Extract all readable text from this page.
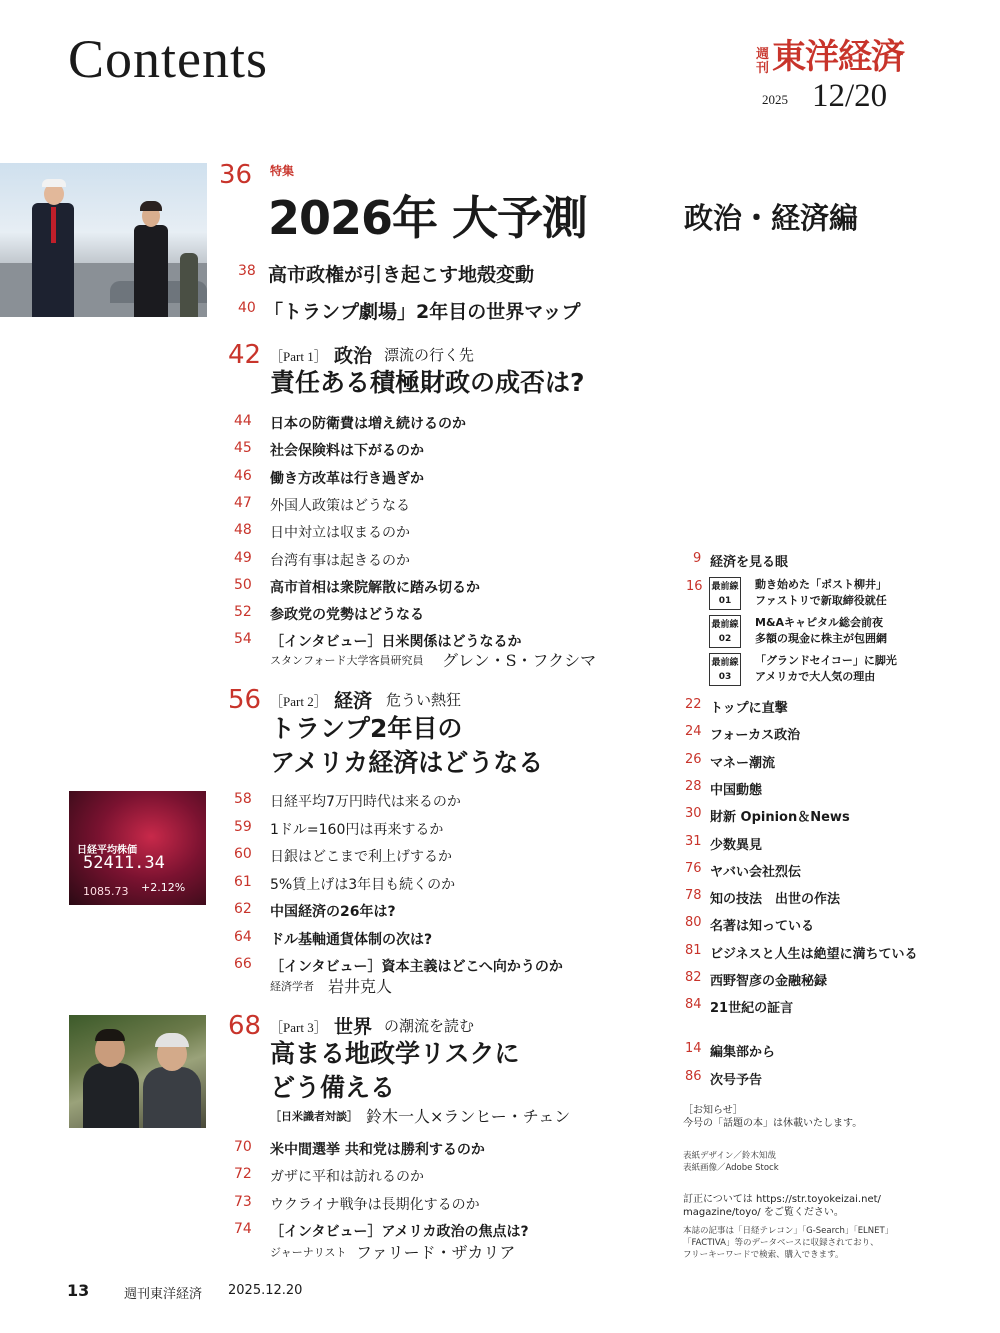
Contents	週刊 東洋経済
2025 12/20
36 特集
2026年 大予測	政治・経済編
38 高市政権が引き起こす地殻変動
40 「トランプ劇場」2年目の世界マップ
42 ［Part 1］ 政治 漂流の行く先
責任ある積極財政の成否は?
44 日本の防衛費は増え続けるのか
45 社会保険料は下がるのか
46 働き方改革は行き過ぎか
47 外国人政策はどうなる
48 日中対立は収まるのか
49 台湾有事は起きるのか
50 高市首相は衆院解散に踏み切るか
52 参政党の党勢はどうなる
54 ［インタビュー］日米関係はどうなるか
スタンフォード大学客員研究員 グレン・S・フクシマ
56 ［Part 2］ 経済 危うい熱狂
トランプ2年目の
アメリカ経済はどうなる
日経平均株価
52411.34
1085.73 +2.12%
58 日経平均7万円時代は来るのか
59 1ドル=160円は再来するか
60 日銀はどこまで利上げするか
61 5%賃上げは3年目も続くのか
62 中国経済の26年は?
64 ドル基軸通貨体制の次は?
66 ［インタビュー］資本主義はどこへ向かうのか
経済学者 岩井克人
68 ［Part 3］ 世界 の潮流を読む
高まる地政学リスクに
どう備える
［日米識者対談］ 鈴木一人×ランヒー・チェン
70 米中間選挙 共和党は勝利するのか
72 ガザに平和は訪れるのか
73 ウクライナ戦争は長期化するのか
74 ［インタビュー］アメリカ政治の焦点は?
ジャーナリスト ファリード・ザカリア
9 経済を見る眼
16 最前線
01
動き始めた「ポスト柳井」
ファストリで新取締役就任
最前線
02
M&Aキャピタル総会前夜
多額の現金に株主が包囲網
最前線
03
「グランドセイコー」に脚光
アメリカで大人気の理由
22 トップに直撃
24 フォーカス政治
26 マネー潮流
28 中国動態
30 財新 Opinion＆News
31 少数異見
76 ヤバい会社烈伝
78 知の技法　出世の作法
80 名著は知っている
81 ビジネスと人生は絶望に満ちている
82 西野智彦の金融秘録
84 21世紀の証言
14 編集部から
86 次号予告
［お知らせ］
今号の「話題の本」は休載いたします。
表紙デザイン／鈴木知哉
表紙画像／Adobe Stock
訂正については https://str.toyokeizai.net/
magazine/toyo/ をご覧ください。
本誌の記事は「日経テレコン」「G-Search」「ELNET」
「FACTIVA」等のデータベースに収録されており、
フリーキーワードで検索、購入できます。
13	週刊東洋経済 2025.12.20
